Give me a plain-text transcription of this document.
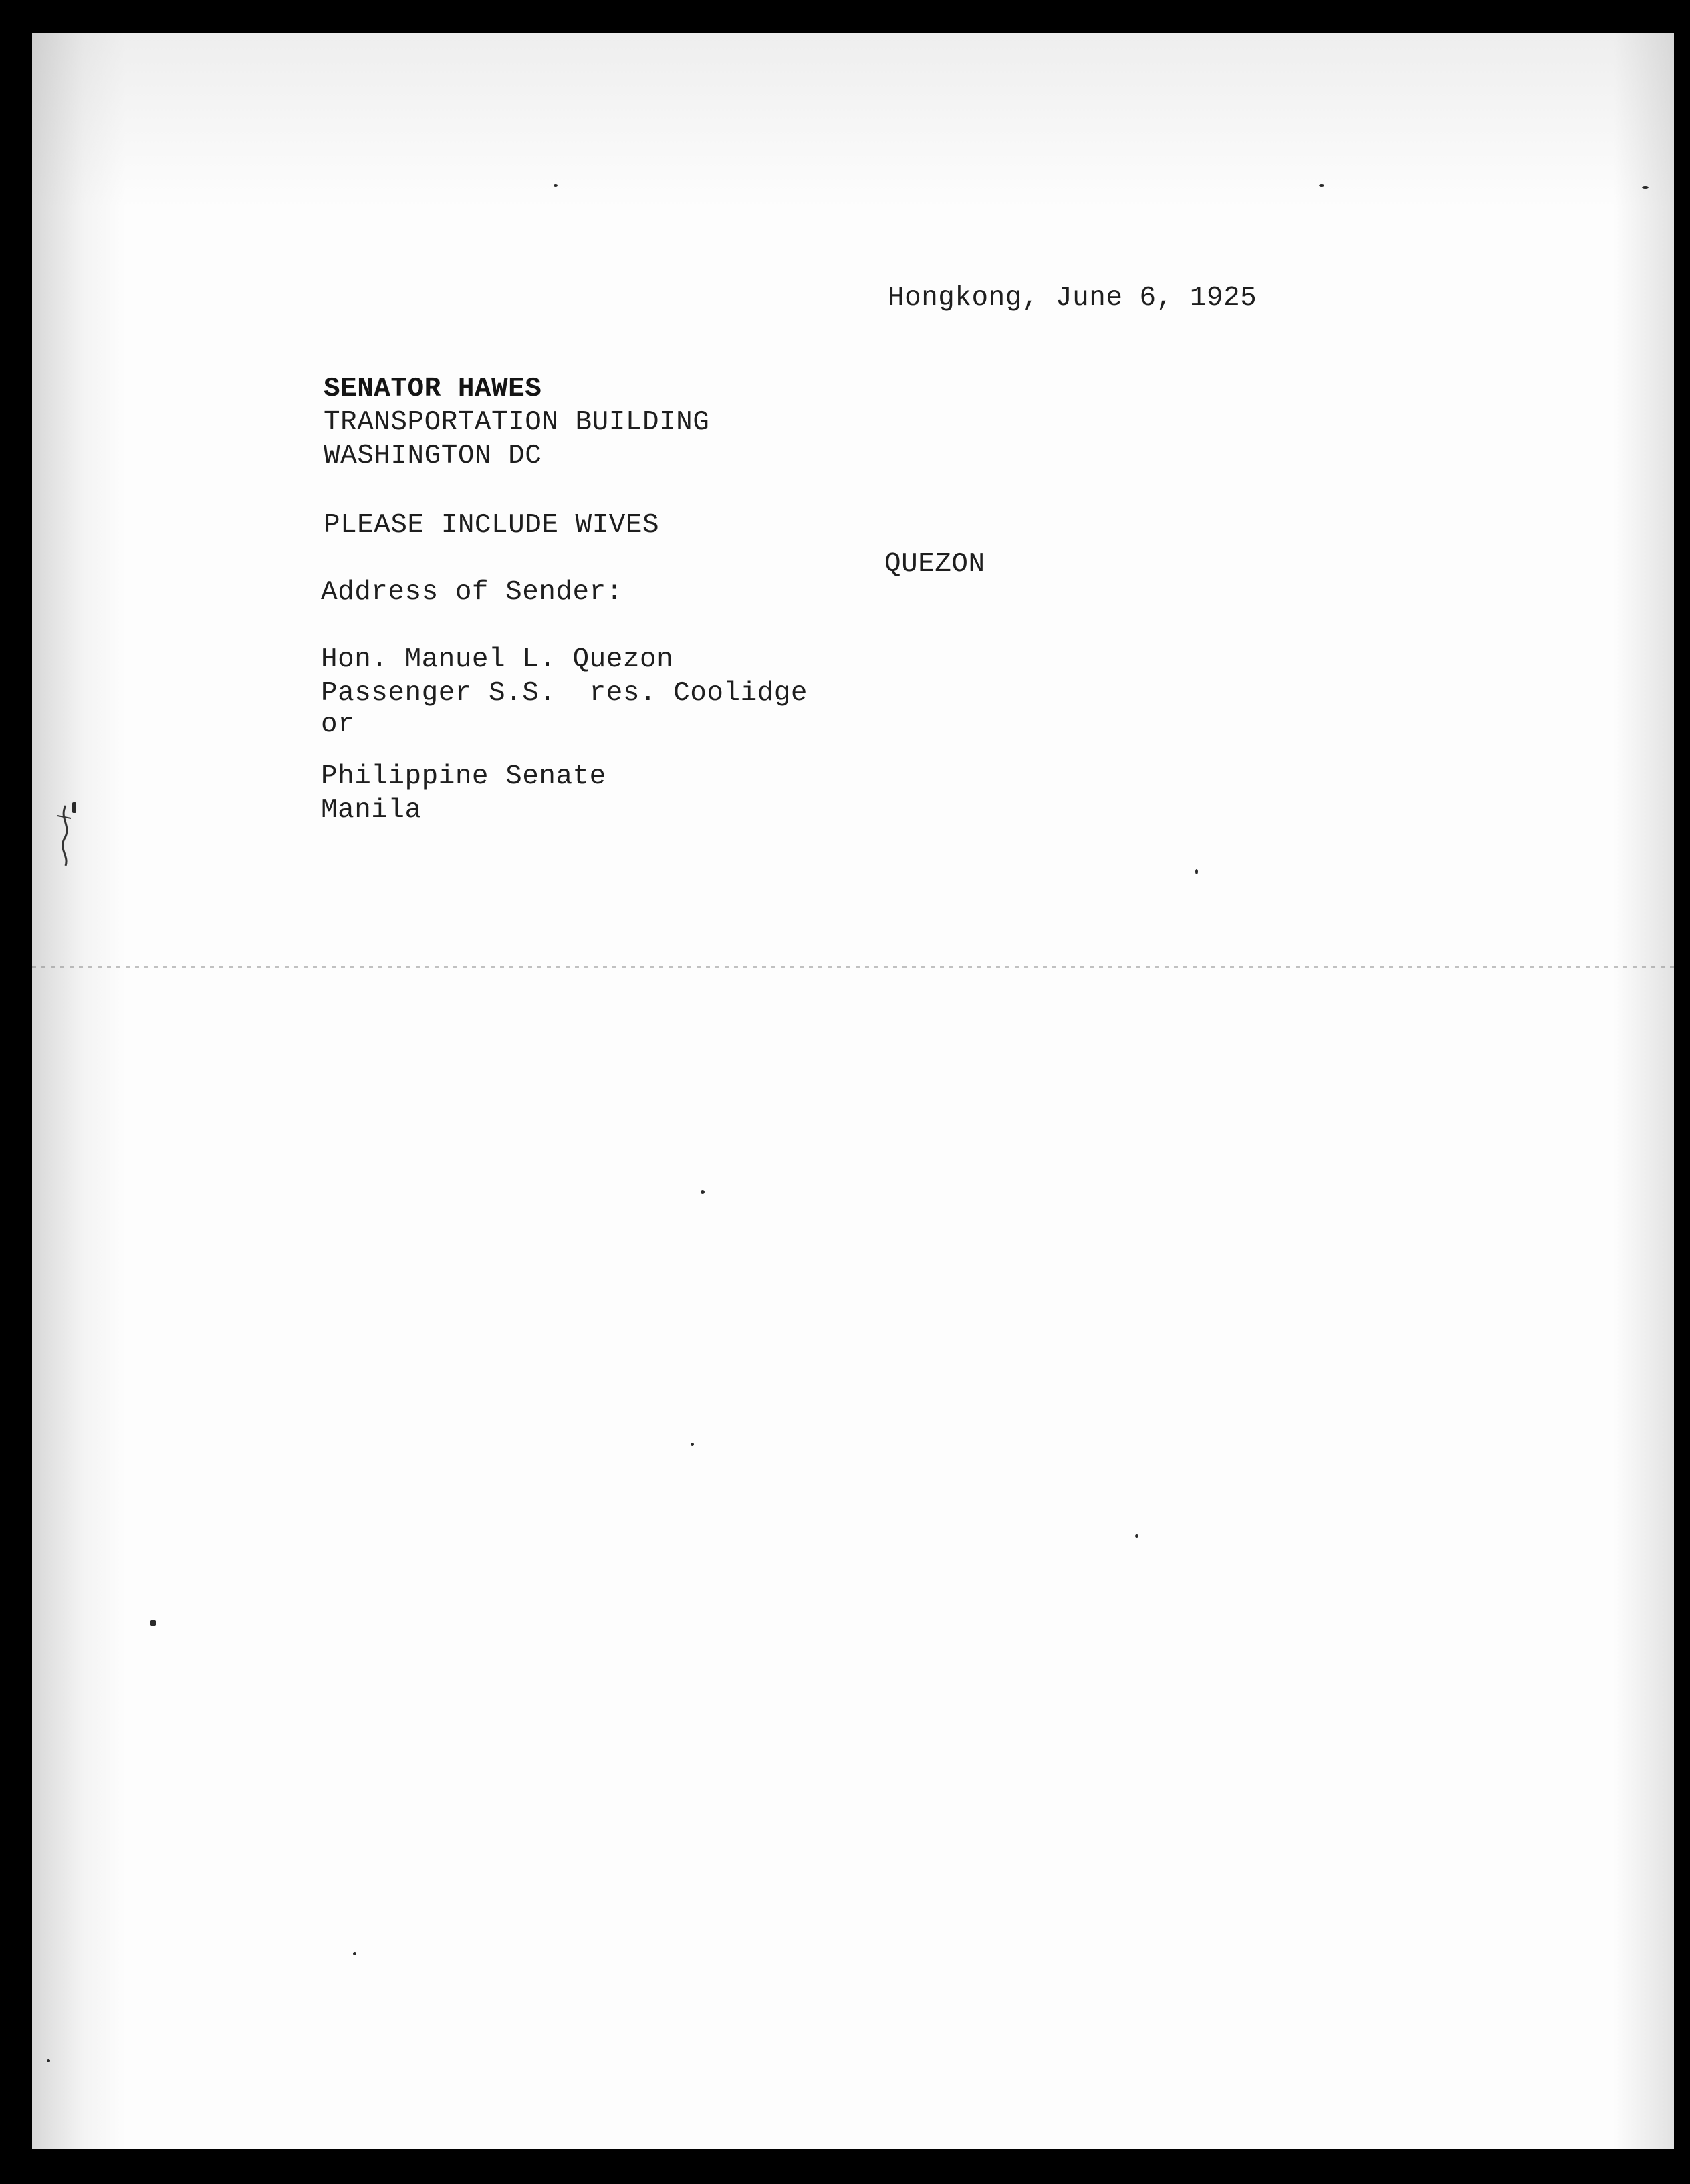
Hongkong, June 6, 1925
SENATOR HAWES
TRANSPORTATION BUILDING
WASHINGTON DC
PLEASE INCLUDE WIVES
QUEZON
Address of Sender:
Hon. Manuel L. Quezon
Passenger S.S.  res. Coolidge
or
Philippine Senate
Manila
